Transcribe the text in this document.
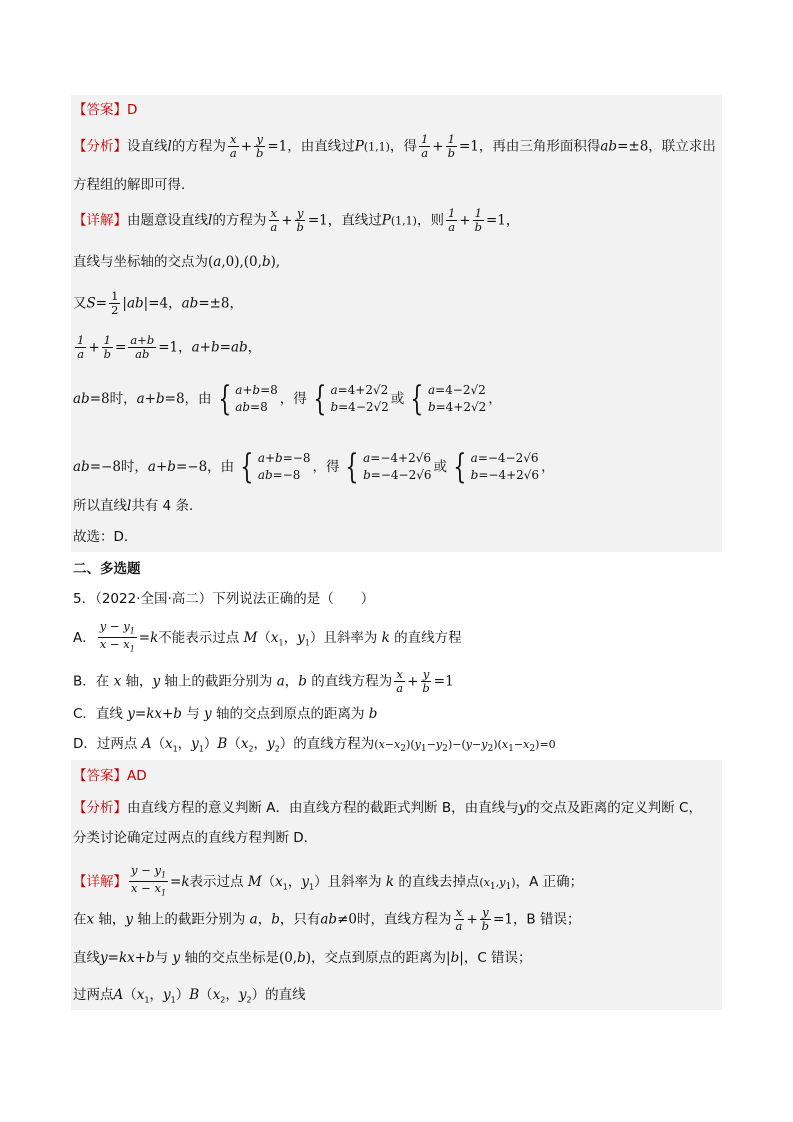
【答案】D
【分析】设直线l的方程为 $\frac{x}{a} + \frac{y}{b} =1$，由直线过P(1,1)，得 $\frac{1}{a} + \frac{1}{b} =1$，再由三角形面积得ab=±8，联立求出
方程组的解即可得．
【详解】由题意设直线l的方程为 $\frac{x}{a} + \frac{y}{b} =1$，直线过P(1,1)，则 $\frac{1}{a} + \frac{1}{b} =1$，
直线与坐标轴的交点为(a,0),(0,b),
又$S= \frac{1}{2} |ab|=4$，ab=±8，
$\frac{1}{a} + \frac{1}{b} = \frac{a+b}{ab} =1$，a+b=ab，
ab=8时，a+b=8，由 { a+b=8
ab=8 ，得 { a=4+2√2
b=4−2√2 或 { a=4−2√2
b=4+2√2 ，
ab=−8时，a+b=−8，由 { a+b=−8
ab=−8 ，得 { a=−4+2√6
b=−4−2√6 或 { a=−4−2√6
b=−4+2√6 ，
所以直线l共有 4 条．
故选：D．
二、多选题
5．（2022·全国·高二）下列说法正确的是（　　）
A． $\frac{y - y_1}{x - x_1} =k$不能表示过点 $M(x_1$，$y_1$）且斜率为 k 的直线方程
B．在 x 轴，y 轴上的截距分别为 a，b 的直线方程为 $\frac{x}{a} + \frac{y}{b} =1$
C．直线 y=kx+b 与 y 轴的交点到原点的距离为 b
D．过两点 $A(x_1$，$y_1)B(x_2$，$y_2$）的直线方程为$(x-x_2)(y_1-y_2)-(y-y_2)(x_1-x_2)=0$
【答案】AD
【分析】由直线方程的意义判断 A．由直线方程的截距式判断 B，由直线与y的交点及距离的定义判断 C，
分类讨论确定过两点的直线方程判断 D．
【详解】 $\frac{y - y_1}{x - x_1} =k$表示过点 $M(x_1$，$y_1$）且斜率为 k 的直线去掉点$(x_1,y_1)$，A 正确；
在x 轴，y 轴上的截距分别为 a，b，只有ab≠0时，直线方程为 $\frac{x}{a} + \frac{y}{b} =1$，B 错误；
直线y=kx+b与 y 轴的交点坐标是(0,b)，交点到原点的距离为|b|，C 错误；
过两点$A(x_1$，$y_1)B(x_2$，$y_2$）的直线
